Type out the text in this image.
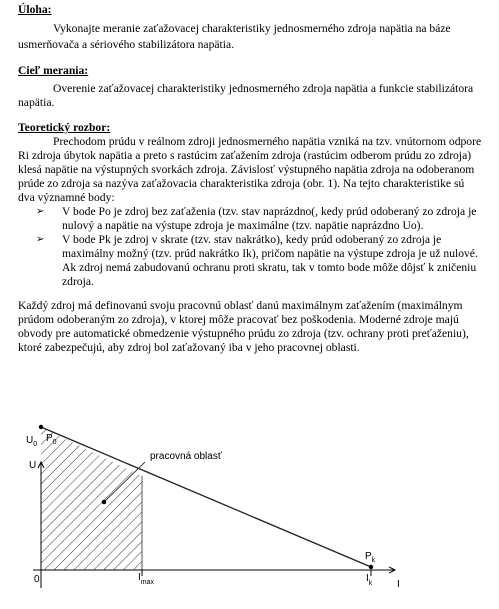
Úloha:
Vykonajte meranie zaťažovacej charakteristiky jednosmerného zdroja napätia na báze
usmerňovača a sériového stabilizátora napätia.
Cieľ merania:
Overenie zaťažovacej charakteristiky jednosmerného zdroja napätia a funkcie stabilizátora
napätia.
Teoretický rozbor:
Prechodom prúdu v reálnom zdroji jednosmerného napätia vzniká na tzv. vnútornom odpore
Ri zdroja úbytok napätia a preto s rastúcim zaťažením zdroja (rastúcim odberom prúdu zo zdroja)
klesá napätie na výstupných svorkách zdroja. Závislosť výstupného napätia zdroja na odoberanom
prúde zo zdroja sa nazýva zaťažovacia charakteristika zdroja (obr. 1). Na tejto charakteristike sú
dva významné body:
➢ V bode Po je zdroj bez zaťaženia (tzv. stav naprázdno(, kedy prúd odoberaný zo zdroja je
nulový a napätie na výstupe zdroja je maximálne (tzv. napätie naprázdno Uo).
➢ V bode Pk je zdroj v skrate (tzv. stav nakrátko), kedy prúd odoberaný zo zdroja je
maximálny možný (tzv. prúd nakrátko Ik), pričom napätie na výstupe zdroja je už nulové.
Ak zdroj nemá zabudovanú ochranu proti skratu, tak v tomto bode môže dôjsť k zničeniu
zdroja.
Každý zdroj má definovanú svoju pracovnú oblasť danú maximálnym zaťažením (maximálnym
prúdom odoberaným zo zdroja), v ktorej môže pracovať bez poškodenia. Moderné zdroje majú
obvody pre automatické obmedzenie výstupného prúdu zo zdroja (tzv. ochrany proti preťaženiu),
ktoré zabezpečujú, aby zdroj bol zaťažovaný iba v jeho pracovnej oblasti.
U
I
$U_0$
$P_0$
$P_k$
0	$I_{max}$	$I_k$
pracovná oblasť
